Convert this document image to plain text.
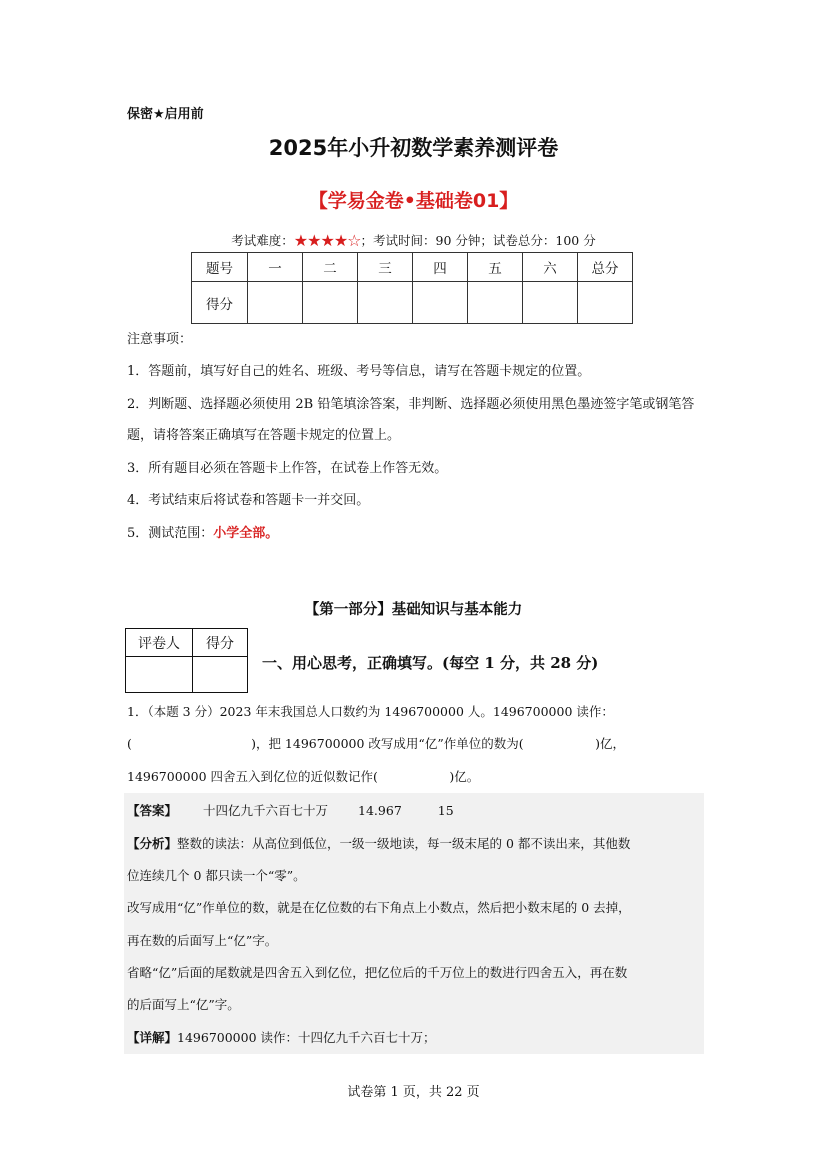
保密★启用前
2025年小升初数学素养测评卷
【学易金卷•基础卷01】
考试难度：★★★★☆；考试时间：90 分钟；试卷总分：100 分
题号	一	二	三	四	五	六	总分
得分							
注意事项：
1．答题前，填写好自己的姓名、班级、考号等信息，请写在答题卡规定的位置。
2．判断题、选择题必须使用 2B 铅笔填涂答案，非判断、选择题必须使用黑色墨迹签字笔或钢笔答题，请将答案正确填写在答题卡规定的位置上。
3．所有题目必须在答题卡上作答，在试卷上作答无效。
4．考试结束后将试卷和答题卡一并交回。
5．测试范围：小学全部。
【第一部分】基础知识与基本能力
评卷人	得分

一、用心思考，正确填写。(每空 1 分，共 28 分)
1．（本题 3 分）2023 年末我国总人口数约为 1496700000 人。1496700000 读作：
(                              )，把 1496700000 改写成用“亿”作单位的数为(                  )亿，
1496700000 四舍五入到亿位的近似数记作(                  )亿。
【答案】 十四亿九千六百七十万 14.967	15
【分析】整数的读法：从高位到低位，一级一级地读，每一级末尾的 0 都不读出来，其他数
位连续几个 0 都只读一个“零”。
改写成用“亿”作单位的数，就是在亿位数的右下角点上小数点，然后把小数末尾的 0 去掉，
再在数的后面写上“亿”字。
省略“亿”后面的尾数就是四舍五入到亿位，把亿位后的千万位上的数进行四舍五入，再在数
的后面写上“亿”字。
【详解】1496700000 读作：十四亿九千六百七十万；
试卷第 1 页，共 22 页
